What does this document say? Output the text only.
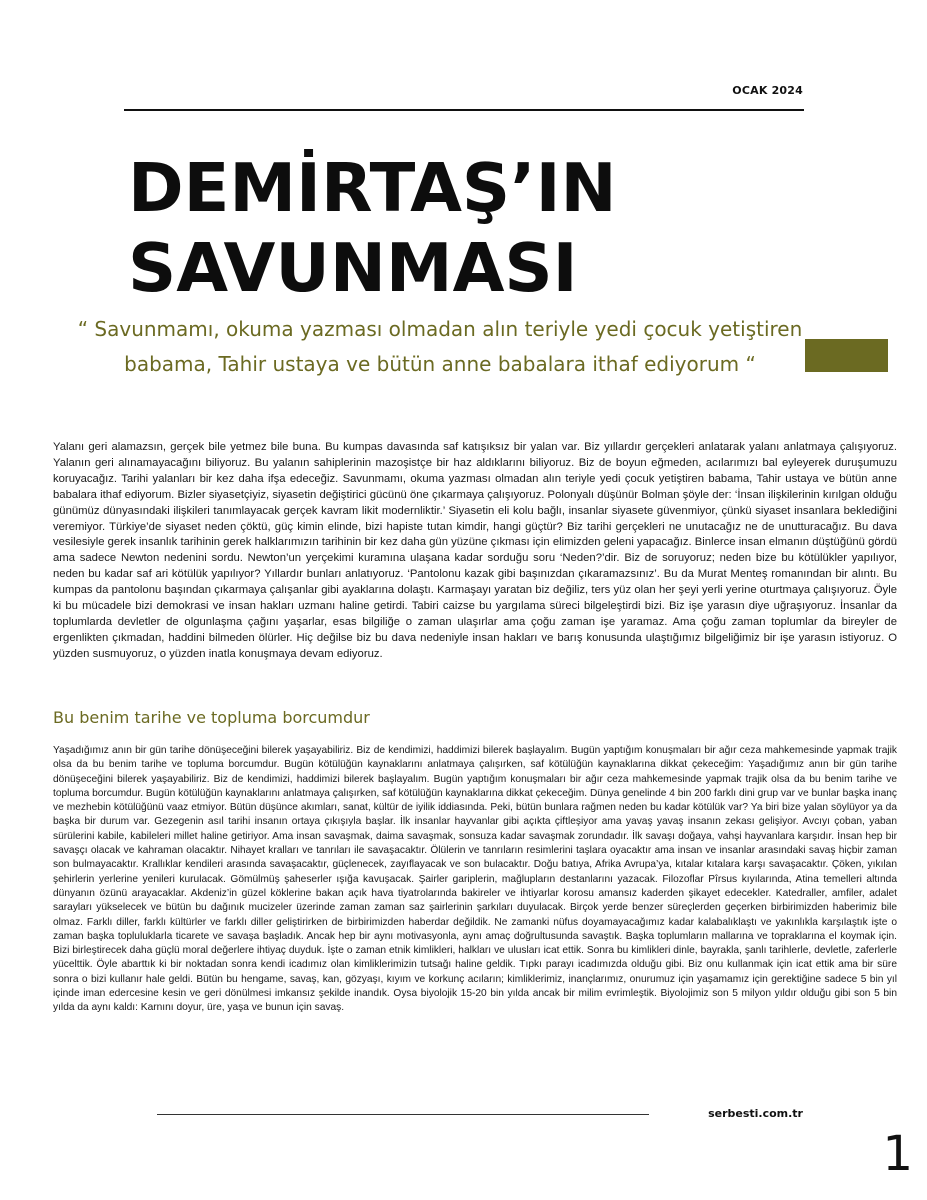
OCAK 2024
DEMİRTAŞ’IN
SAVUNMASI

“ Savunmamı, okuma yazması olmadan alın teriyle yedi çocuk yetiştiren babama, Tahir ustaya ve bütün anne babalara ithaf ediyorum “

Yalanı geri alamazsın, gerçek bile yetmez bile buna. Bu kumpas davasında saf katışıksız bir yalan var. Biz yıllardır gerçekleri anlatarak yalanı anlatmaya çalışıyoruz. Yalanın geri alınamayacağını biliyoruz. Bu yalanın sahiplerinin mazoşistçe bir haz aldıklarını biliyoruz. Biz de boyun eğmeden, acılarımızı bal eyleyerek duruşumuzu koruyacağız. Tarihi yalanları bir kez daha ifşa edeceğiz. Savunmamı, okuma yazması olmadan alın teriyle yedi çocuk yetiştiren babama, Tahir ustaya ve bütün anne babalara ithaf ediyorum. Bizler siyasetçiyiz, siyasetin değiştirici gücünü öne çıkarmaya çalışıyoruz. Polonyalı düşünür Bolman şöyle der: ‘İnsan ilişkilerinin kırılgan olduğu günümüz dünyasındaki ilişkileri tanımlayacak gerçek kavram likit modernliktir.’ Siyasetin eli kolu bağlı, insanlar siyasete güvenmiyor, çünkü siyaset insanlara beklediğini veremiyor. Türkiye’de siyaset neden çöktü, güç kimin elinde, bizi hapiste tutan kimdir, hangi güçtür? Biz tarihi gerçekleri ne unutacağız ne de unutturacağız. Bu dava vesilesiyle gerek insanlık tarihinin gerek halklarımızın tarihinin bir kez daha gün yüzüne çıkması için elimizden geleni yapacağız. Binlerce insan elmanın düştüğünü gördü ama sadece Newton nedenini sordu. Newton’un yerçekimi kuramına ulaşana kadar sorduğu soru ‘Neden?’dir. Biz de soruyoruz; neden bize bu kötülükler yapılıyor, neden bu kadar saf ari kötülük yapılıyor? Yıllardır bunları anlatıyoruz. ‘Pantolonu kazak gibi başınızdan çıkaramazsınız’. Bu da Murat Menteş romanından bir alıntı. Bu kumpas da pantolonu başından çıkarmaya çalışanlar gibi ayaklarına dolaştı. Karmaşayı yaratan biz değiliz, ters yüz olan her şeyi yerli yerine oturtmaya çalışıyoruz. Öyle ki bu mücadele bizi demokrasi ve insan hakları uzmanı haline getirdi. Tabiri caizse bu yargılama süreci bilgeleştirdi bizi. Biz işe yarasın diye uğraşıyoruz. İnsanlar da toplumlarda devletler de olgunlaşma çağını yaşarlar, esas bilgiliğe o zaman ulaşırlar ama çoğu zaman işe yaramaz. Ama çoğu zaman toplumlar da bireyler de ergenlikten çıkmadan, haddini bilmeden ölürler. Hiç değilse biz bu dava nedeniyle insan hakları ve barış konusunda ulaştığımız bilgeliğimiz bir işe yarasın istiyoruz. O yüzden susmuyoruz, o yüzden inatla konuşmaya devam ediyoruz.

Bu benim tarihe ve topluma borcumdur

Yaşadığımız anın bir gün tarihe dönüşeceğini bilerek yaşayabiliriz. Biz de kendimizi, haddimizi bilerek başlayalım. Bugün yaptığım konuşmaları bir ağır ceza mahkemesinde yapmak trajik olsa da bu benim tarihe ve topluma borcumdur. Bugün kötülüğün kaynaklarını anlatmaya çalışırken, saf kötülüğün kaynaklarına dikkat çekeceğim: Yaşadığımız anın bir gün tarihe dönüşeceğini bilerek yaşayabiliriz. Biz de kendimizi, haddimizi bilerek başlayalım. Bugün yaptığım konuşmaları bir ağır ceza mahkemesinde yapmak trajik olsa da bu benim tarihe ve topluma borcumdur. Bugün kötülüğün kaynaklarını anlatmaya çalışırken, saf kötülüğün kaynaklarına dikkat çekeceğim. Dünya genelinde 4 bin 200 farklı dini grup var ve bunlar başka inanç ve mezhebin kötülüğünü vaaz etmiyor. Bütün düşünce akımları, sanat, kültür de iyilik iddiasında. Peki, bütün bunlara rağmen neden bu kadar kötülük var? Ya biri bize yalan söylüyor ya da başka bir durum var. Gezegenin asıl tarihi insanın ortaya çıkışıyla başlar. İlk insanlar hayvanlar gibi açıkta çiftleşiyor ama yavaş yavaş insanın zekası gelişiyor. Avcıyı çoban, yaban sürülerini kabile, kabileleri millet haline getiriyor. Ama insan savaşmak, daima savaşmak, sonsuza kadar savaşmak zorundadır. İlk savaşı doğaya, vahşi hayvanlara karşıdır. İnsan hep bir savaşçı olacak ve kahraman olacaktır. Nihayet kralları ve tanrıları ile savaşacaktır. Ölülerin ve tanrıların resimlerini taşlara oyacaktır ama insan ve insanlar arasındaki savaş hiçbir zaman son bulmayacaktır. Krallıklar kendileri arasında savaşacaktır, güçlenecek, zayıflayacak ve son bulacaktır. Doğu batıya, Afrika Avrupa’ya, kıtalar kıtalara karşı savaşacaktır. Çöken, yıkılan şehirlerin yerlerine yenileri kurulacak. Gömülmüş şaheserler ışığa kavuşacak. Şairler gariplerin, mağlupların destanlarını yazacak. Filozoflar Pîrsus kıyılarında, Atina temelleri altında dünyanın özünü arayacaklar. Akdeniz’in güzel köklerine bakan açık hava tiyatrolarında bakireler ve ihtiyarlar korosu amansız kaderden şikayet edecekler. Katedraller, amfiler, adalet sarayları yükselecek ve bütün bu dağınık mucizeler üzerinde zaman zaman saz şairlerinin şarkıları duyulacak. Birçok yerde benzer süreçlerden geçerken birbirimizden haberimiz bile olmaz. Farklı diller, farklı kültürler ve farklı diller geliştirirken de birbirimizden haberdar değildik. Ne zamanki nüfus doyamayacağımız kadar kalabalıklaştı ve yakınlıkla karşılaştık işte o zaman başka topluluklarla ticarete ve savaşa başladık. Ancak hep bir aynı motivasyonla, aynı amaç doğrultusunda savaştık. Başka toplumların mallarına ve topraklarına el koymak için. Bizi birleştirecek daha güçlü moral değerlere ihtiyaç duyduk. İşte o zaman etnik kimlikleri, halkları ve ulusları icat ettik. Sonra bu kimlikleri dinle, bayrakla, şanlı tarihlerle, devletle, zaferlerle yücelttik. Öyle abarttık ki bir noktadan sonra kendi icadımız olan kimliklerimizin tutsağı haline geldik. Tıpkı parayı icadımızda olduğu gibi. Biz onu kullanmak için icat ettik ama bir süre sonra o bizi kullanır hale geldi. Bütün bu hengame, savaş, kan, gözyaşı, kıyım ve korkunç acıların; kimliklerimiz, inançlarımız, onurumuz için yaşamamız için gerektiğine sadece 5 bin yıl içinde iman edercesine kesin ve geri dönülmesi imkansız şekilde inandık. Oysa biyolojik 15-20 bin yılda ancak bir milim evrimleştik. Biyolojimiz son 5 milyon yıldır olduğu gibi son 5 bin yılda da aynı kaldı: Karnını doyur, üre, yaşa ve bunun için savaş.

serbesti.com.tr
1
